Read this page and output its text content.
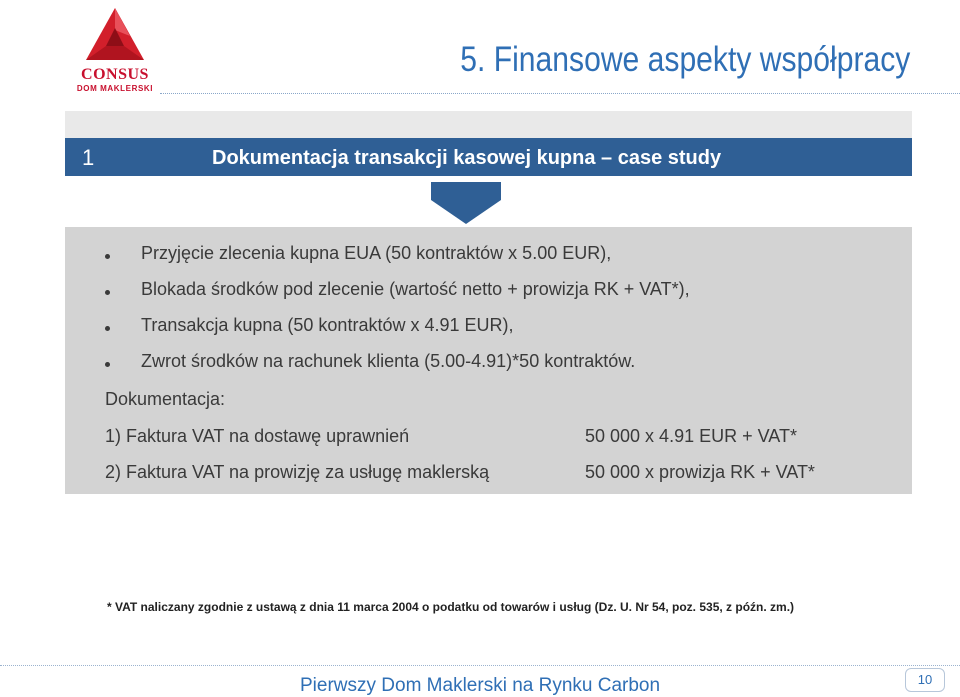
CONSUS
DOM MAKLERSKI
5. Finansowe aspekty współpracy
1	Dokumentacja transakcji kasowej kupna – case study
Przyjęcie zlecenia kupna EUA (50 kontraktów x 5.00 EUR),
Blokada środków pod zlecenie (wartość netto + prowizja RK + VAT*),
Transakcja kupna (50 kontraktów x 4.91 EUR),
Zwrot środków na rachunek klienta (5.00-4.91)*50 kontraktów.
Dokumentacja:
1) Faktura VAT na dostawę uprawnień	50 000 x 4.91 EUR + VAT*
2) Faktura VAT na prowizję za usługę maklerską	50 000 x prowizja RK + VAT*
* VAT naliczany zgodnie z ustawą z dnia 11 marca 2004 o podatku od towarów i usług (Dz. U. Nr 54, poz. 535, z późn. zm.)
Pierwszy Dom Maklerski na Rynku Carbon	10
